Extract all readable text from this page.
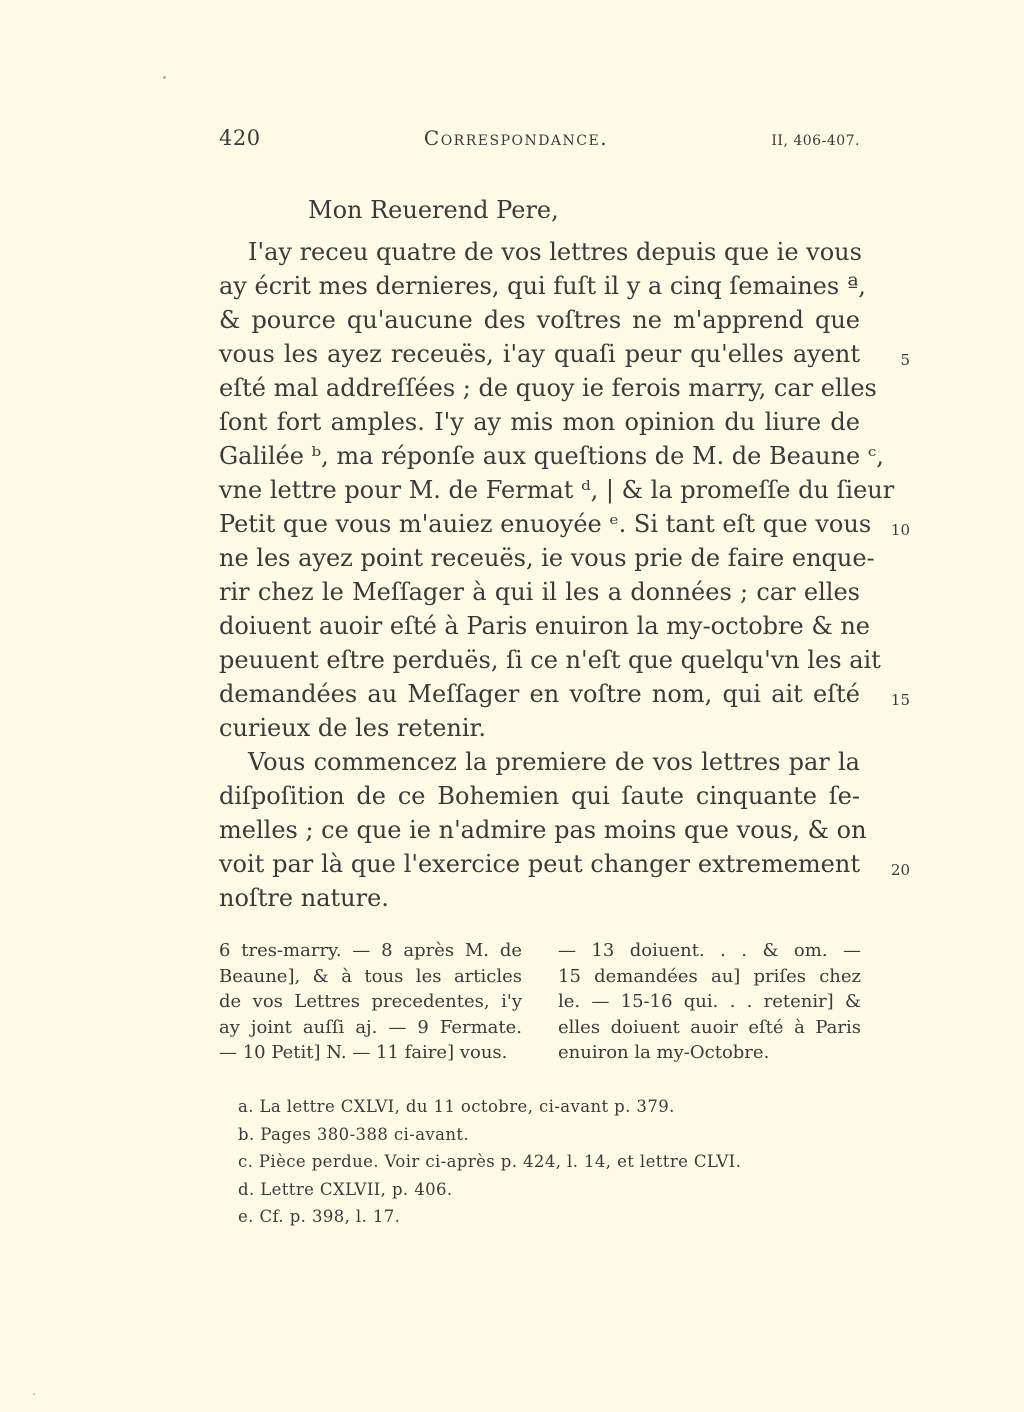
420	Correspondance.	II, 406-407.
Mon Reuerend Pere,
I'ay receu quatre de vos lettres depuis que ie vous
ay écrit mes dernieres, qui fuſt il y a cinq ſemaines ª,
& pource qu'aucune des voſtres ne m'apprend que
vous les ayez receuës, i'ay quaſi peur qu'elles ayent
eſté mal addreſſées ; de quoy ie ferois marry, car elles
ſont fort amples. I'y ay mis mon opinion du liure de
Galilée ᵇ, ma réponſe aux queſtions de M. de Beaune ᶜ,
vne lettre pour M. de Fermat ᵈ, | & la promeſſe du ſieur
Petit que vous m'auiez enuoyée ᵉ. Si tant eſt que vous
ne les ayez point receuës, ie vous prie de faire enque-
rir chez le Meſſager à qui il les a données ; car elles
doiuent auoir eſté à Paris enuiron la my-octobre & ne
peuuent eſtre perduës, ſi ce n'eſt que quelqu'vn les ait
demandées au Meſſager en voſtre nom, qui ait eſté
curieux de les retenir.
Vous commencez la premiere de vos lettres par la
diſpoſition de ce Bohemien qui ſaute cinquante ſe-
melles ; ce que ie n'admire pas moins que vous, & on
voit par là que l'exercice peut changer extremement
noſtre nature.
5
10
15
20
6 tres-marry. — 8 après M. de
Beaune], & à tous les articles
de vos Lettres precedentes, i'y
ay joint auſſi aj. — 9 Fermate.
— 10 Petit] N. — 11 faire] vous.
— 13 doiuent. . . & om. —
15 demandées au] priſes chez
le. — 15-16 qui. . . retenir] &
elles doiuent auoir eſté à Paris
enuiron la my-Octobre.
a. La lettre CXLVI, du 11 octobre, ci-avant p. 379.
b. Pages 380-388 ci-avant.
c. Pièce perdue. Voir ci-après p. 424, l. 14, et lettre CLVI.
d. Lettre CXLVII, p. 406.
e. Cf. p. 398, l. 17.
